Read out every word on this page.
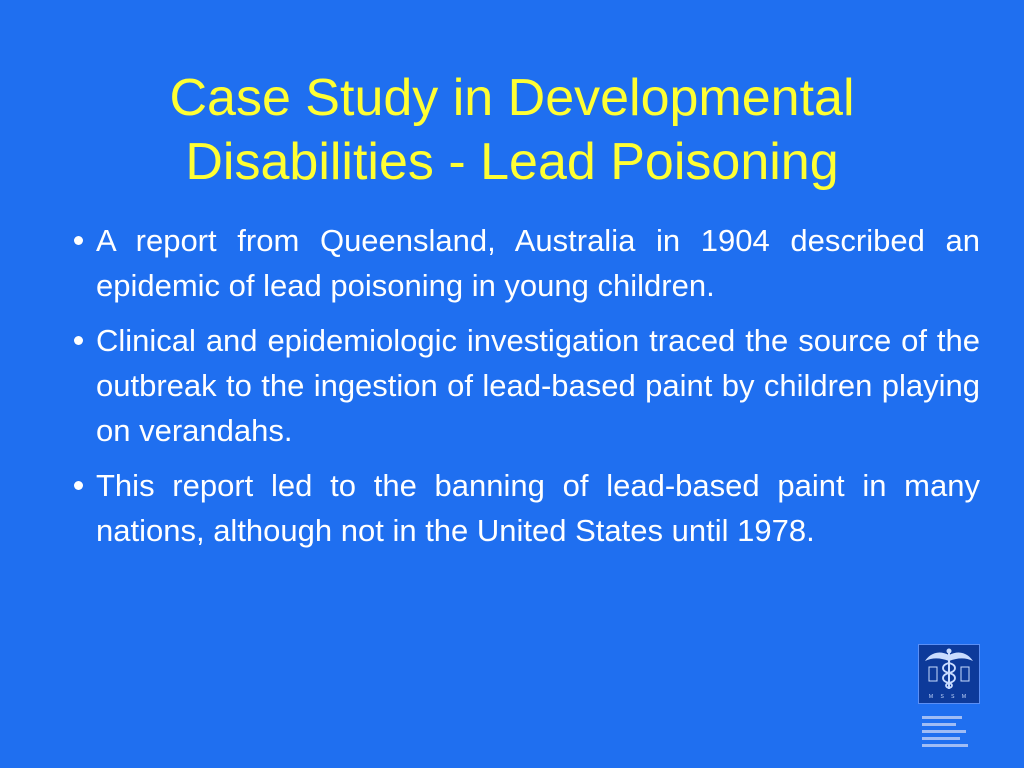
Case Study in Developmental
Disabilities - Lead Poisoning
A report from Queensland, Australia in 1904 described an epidemic of lead poisoning in young children.
Clinical and epidemiologic investigation traced the source of the outbreak to the ingestion of lead-based paint by children playing on verandahs.
This report led to the banning of lead-based paint in many nations, although not in the United States until 1978.
M S S M
